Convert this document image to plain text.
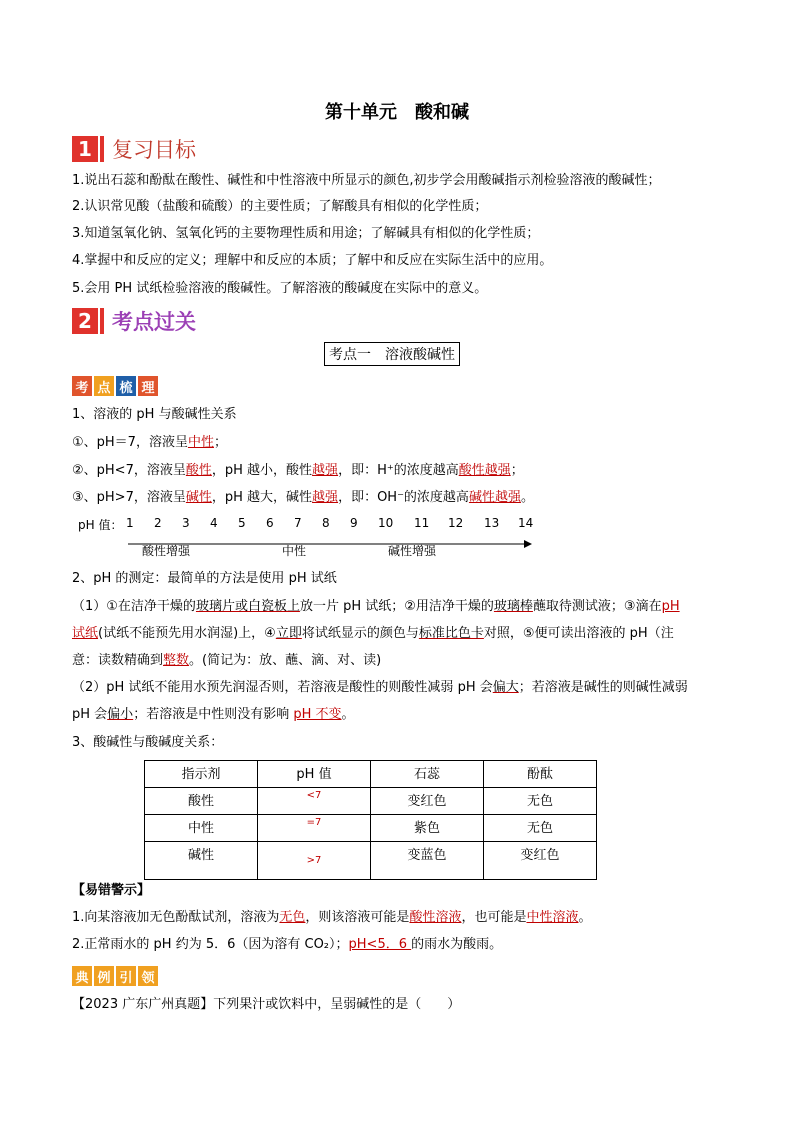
第十单元　酸和碱
1 复习目标
1.说出石蕊和酚酞在酸性、碱性和中性溶液中所显示的颜色,初步学会用酸碱指示剂检验溶液的酸碱性；
2.认识常见酸（盐酸和硫酸）的主要性质；了解酸具有相似的化学性质；
3.知道氢氧化钠、氢氧化钙的主要物理性质和用途；了解碱具有相似的化学性质；
4.掌握中和反应的定义；理解中和反应的本质；了解中和反应在实际生活中的应用。
5.会用 PH 试纸检验溶液的酸碱性。了解溶液的酸碱度在实际中的意义。
2 考点过关
考点一　溶液酸碱性
考 点 梳 理
1、溶液的 pH 与酸碱性关系
①、pH＝7，溶液呈中性；
②、pH<7，溶液呈酸性，pH 越小，酸性越强，即：H⁺的浓度越高酸性越强；
③、pH>7，溶液呈碱性，pH 越大，碱性越强，即：OH⁻的浓度越高碱性越强。
pH 值： 1 2 3 4 5 6 7 8 9 10 11 12 13 14
酸性增强	中性	碱性增强
2、pH 的测定：最简单的方法是使用 pH 试纸
（1）①在洁净干燥的玻璃片或白瓷板上放一片 pH 试纸；②用洁净干燥的玻璃棒蘸取待测试液；③滴在pH
试纸(试纸不能预先用水润湿)上，④立即将试纸显示的颜色与标准比色卡对照，⑤便可读出溶液的 pH（注
意：读数精确到整数。(简记为：放、蘸、滴、对、读)
（2）pH 试纸不能用水预先润湿否则，若溶液是酸性的则酸性减弱 pH 会偏大；若溶液是碱性的则碱性减弱
pH 会偏小；若溶液是中性则没有影响 pH 不变。
3、酸碱性与酸碱度关系：
指示剂	pH 值	石蕊	酚酞
酸性	<7	变红色	无色
中性	=7	紫色	无色
碱性	>7	变蓝色	变红色
【易错警示】
1.向某溶液加无色酚酞试剂，溶液为无色，则该溶液可能是酸性溶液，也可能是中性溶液。
2.正常雨水的 pH 约为 5．6（因为溶有 CO₂）；pH<5．6 的雨水为酸雨。
典 例 引 领
【2023 广东广州真题】下列果汁或饮料中，呈弱碱性的是（　　）
